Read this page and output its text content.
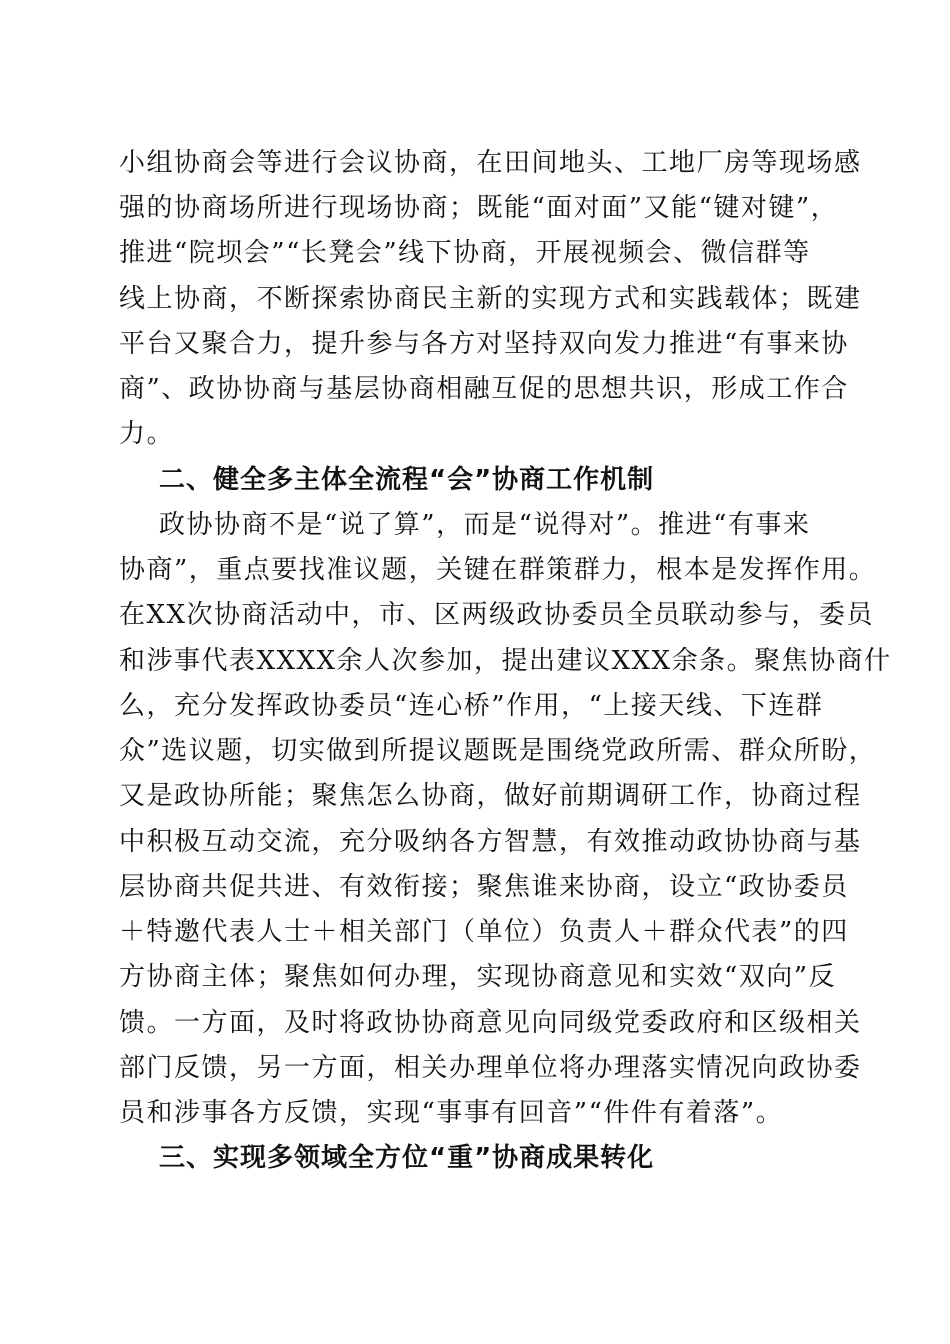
小组协商会等进行会议协商，在田间地头、工地厂房等现场感
强的协商场所进行现场协商；既能“面对面”又能“键对键”，
推进“院坝会”“长凳会”线下协商，开展视频会、微信群等
线上协商，不断探索协商民主新的实现方式和实践载体；既建
平台又聚合力，提升参与各方对坚持双向发力推进“有事来协
商”、政协协商与基层协商相融互促的思想共识，形成工作合
力。
二、健全多主体全流程“会”协商工作机制
政协协商不是“说了算”，而是“说得对”。推进“有事来
协商”，重点要找准议题，关键在群策群力，根本是发挥作用。
在XX次协商活动中，市、区两级政协委员全员联动参与，委员
和涉事代表XXXX余人次参加，提出建议XXX余条。聚焦协商什
么，充分发挥政协委员“连心桥”作用，“上接天线、下连群
众”选议题，切实做到所提议题既是围绕党政所需、群众所盼，
又是政协所能；聚焦怎么协商，做好前期调研工作，协商过程
中积极互动交流，充分吸纳各方智慧，有效推动政协协商与基
层协商共促共进、有效衔接；聚焦谁来协商，设立“政协委员
＋特邀代表人士＋相关部门（单位）负责人＋群众代表”的四
方协商主体；聚焦如何办理，实现协商意见和实效“双向”反
馈。一方面，及时将政协协商意见向同级党委政府和区级相关
部门反馈，另一方面，相关办理单位将办理落实情况向政协委
员和涉事各方反馈，实现“事事有回音”“件件有着落”。
三、实现多领域全方位“重”协商成果转化
